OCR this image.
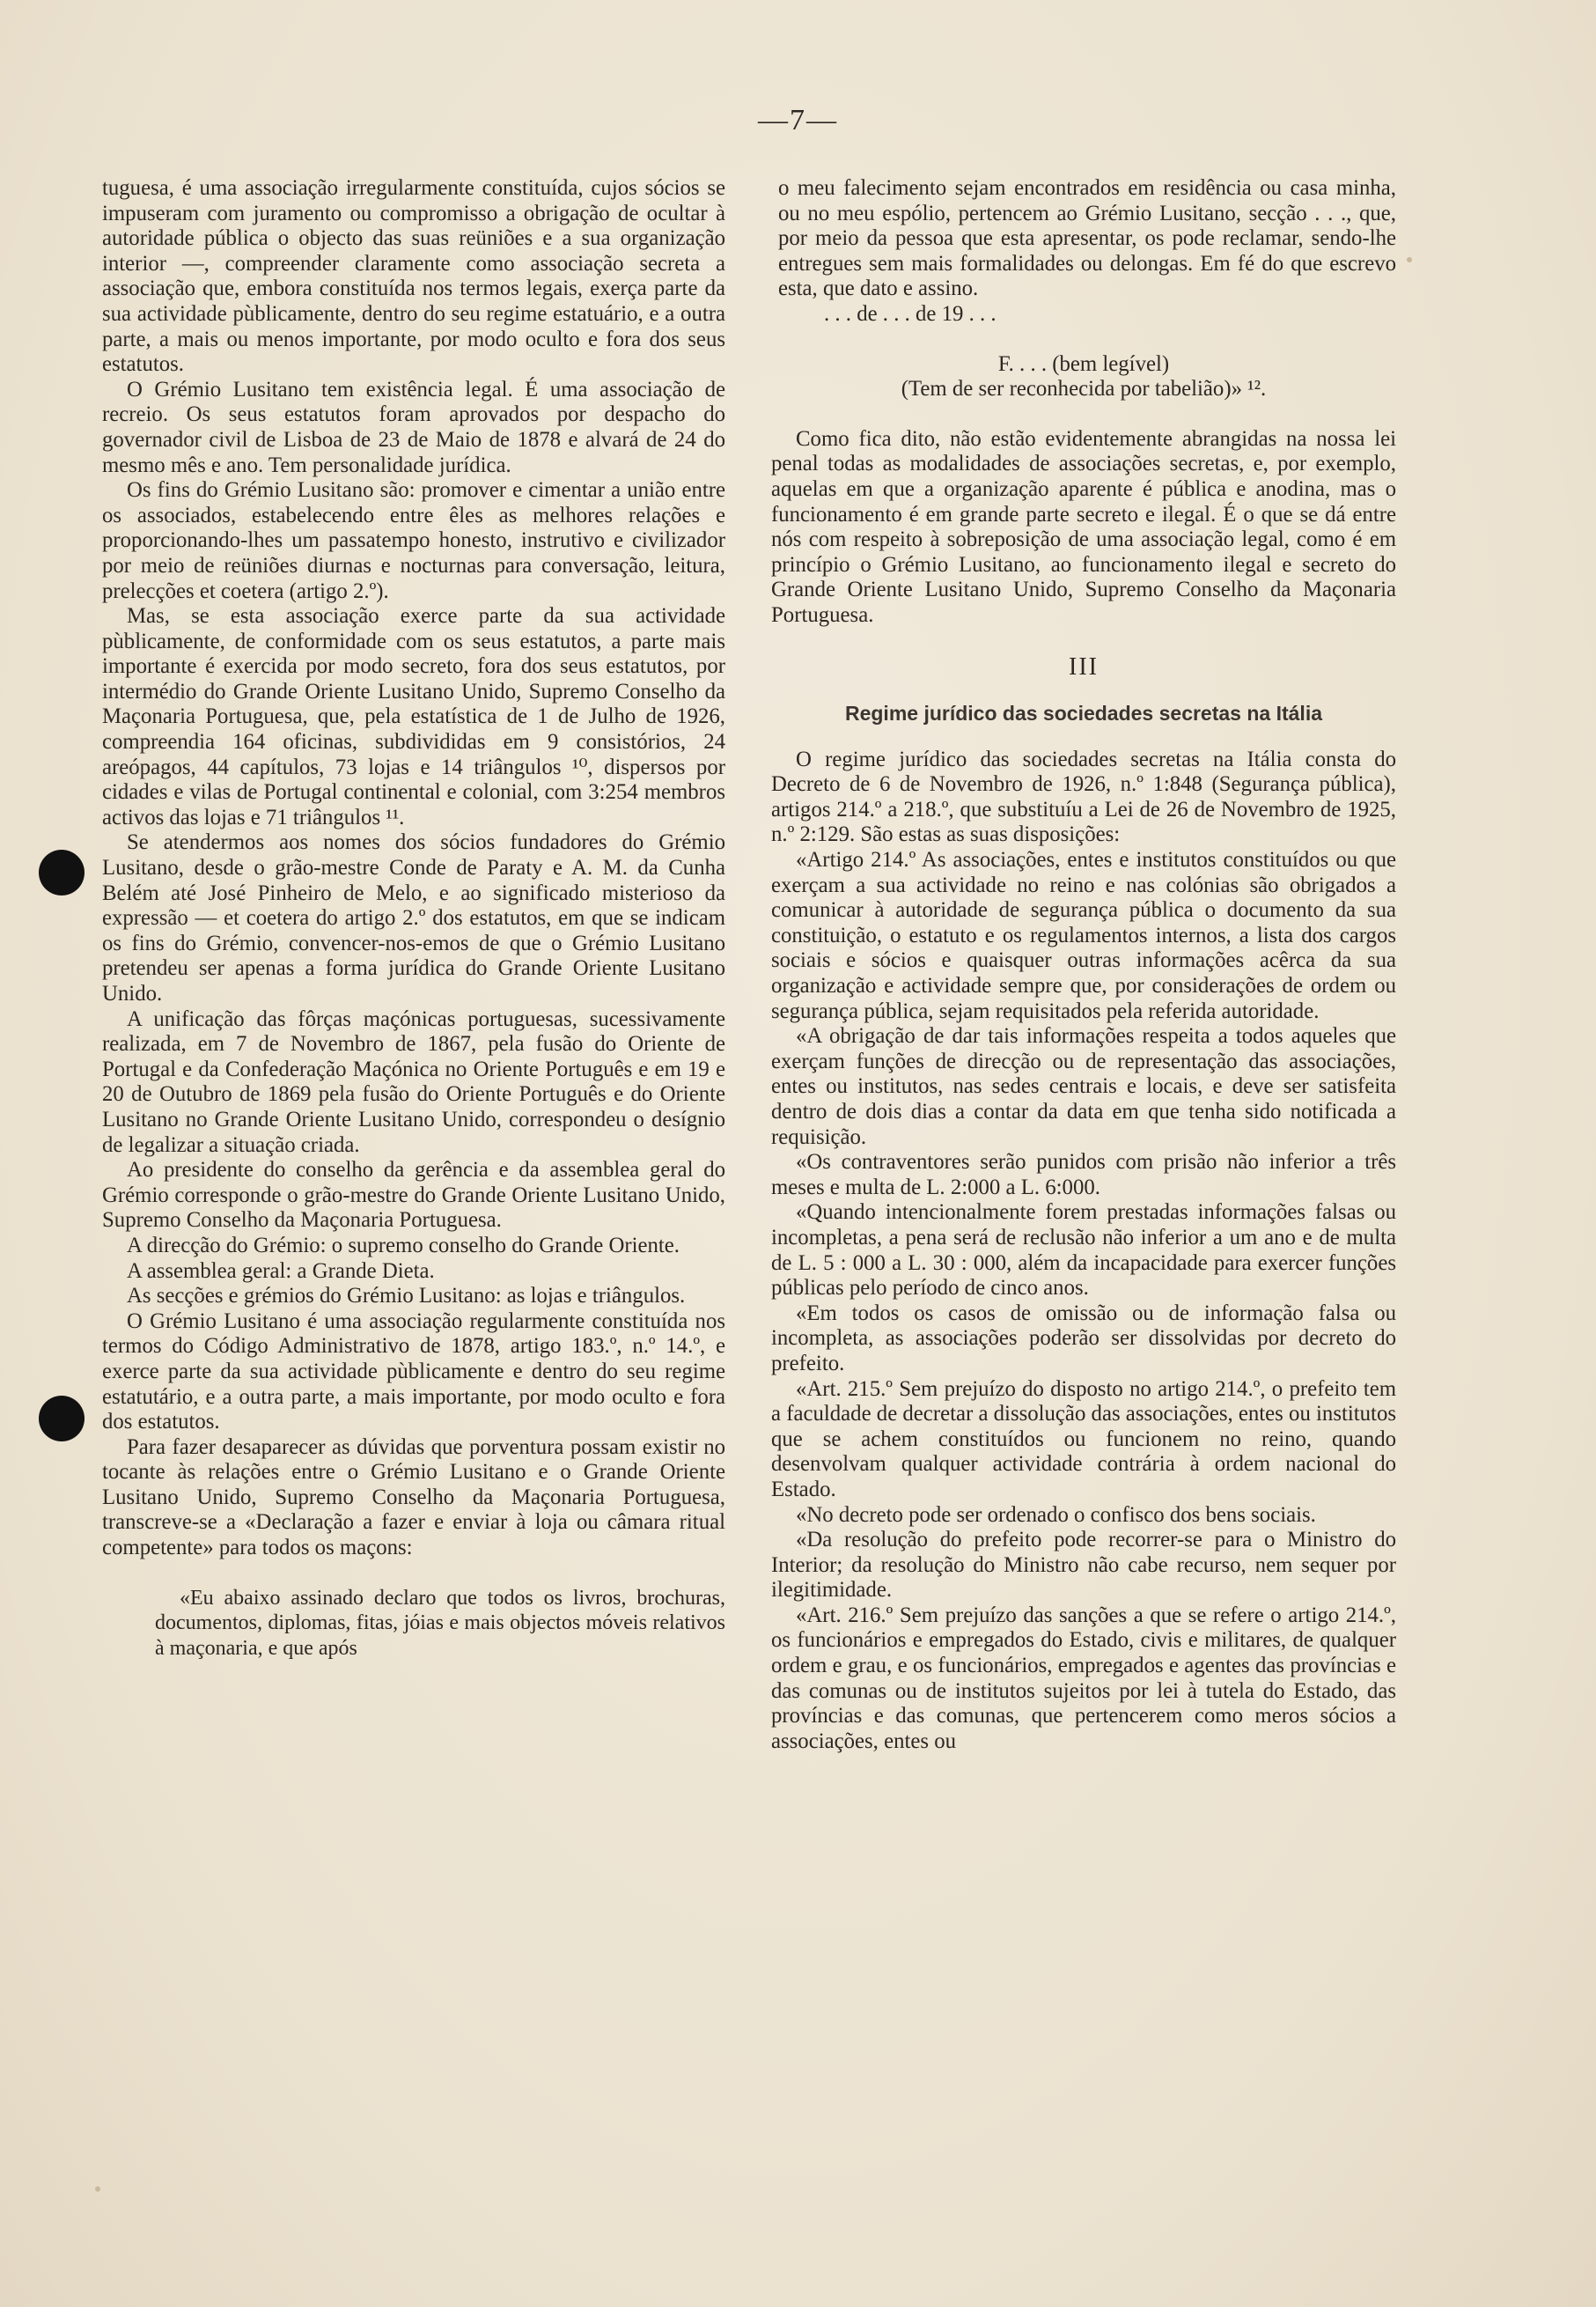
—7—

tuguesa, é uma associação irregularmente constituída, cujos sócios se impuseram com juramento ou compromisso a obrigação de ocultar à autoridade pública o objecto das suas reüniões e a sua organização interior —, compreender claramente como associação secreta a associação que, embora constituída nos termos legais, exerça parte da sua actividade pùblicamente, dentro do seu regime estatuário, e a outra parte, a mais ou menos importante, por modo oculto e fora dos seus estatutos.

O Grémio Lusitano tem existência legal. É uma associação de recreio. Os seus estatutos foram aprovados por despacho do governador civil de Lisboa de 23 de Maio de 1878 e alvará de 24 do mesmo mês e ano. Tem personalidade jurídica.

Os fins do Grémio Lusitano são: promover e cimentar a união entre os associados, estabelecendo entre êles as melhores relações e proporcionando-lhes um passatempo honesto, instrutivo e civilizador por meio de reüniões diurnas e nocturnas para conversação, leitura, prelecções et coetera (artigo 2.º).

Mas, se esta associação exerce parte da sua actividade pùblicamente, de conformidade com os seus estatutos, a parte mais importante é exercida por modo secreto, fora dos seus estatutos, por intermédio do Grande Oriente Lusitano Unido, Supremo Conselho da Maçonaria Portuguesa, que, pela estatística de 1 de Julho de 1926, compreendia 164 oficinas, subdivididas em 9 consistórios, 24 areópagos, 44 capítulos, 73 lojas e 14 triângulos ¹⁰, dispersos por cidades e vilas de Portugal continental e colonial, com 3:254 membros activos das lojas e 71 triângulos ¹¹.

Se atendermos aos nomes dos sócios fundadores do Grémio Lusitano, desde o grão-mestre Conde de Paraty e A. M. da Cunha Belém até José Pinheiro de Melo, e ao significado misterioso da expressão — et coetera do artigo 2.º dos estatutos, em que se indicam os fins do Grémio, convencer-nos-emos de que o Grémio Lusitano pretendeu ser apenas a forma jurídica do Grande Oriente Lusitano Unido.

A unificação das fôrças maçónicas portuguesas, sucessivamente realizada, em 7 de Novembro de 1867, pela fusão do Oriente de Portugal e da Confederação Maçónica no Oriente Português e em 19 e 20 de Outubro de 1869 pela fusão do Oriente Português e do Oriente Lusitano no Grande Oriente Lusitano Unido, correspondeu o desígnio de legalizar a situação criada.

Ao presidente do conselho da gerência e da assemblea geral do Grémio corresponde o grão-mestre do Grande Oriente Lusitano Unido, Supremo Conselho da Maçonaria Portuguesa.

A direcção do Grémio: o supremo conselho do Grande Oriente.

A assemblea geral: a Grande Dieta.

As secções e grémios do Grémio Lusitano: as lojas e triângulos.

O Grémio Lusitano é uma associação regularmente constituída nos termos do Código Administrativo de 1878, artigo 183.º, n.º 14.º, e exerce parte da sua actividade pùblicamente e dentro do seu regime estatutário, e a outra parte, a mais importante, por modo oculto e fora dos estatutos.

Para fazer desaparecer as dúvidas que porventura possam existir no tocante às relações entre o Grémio Lusitano e o Grande Oriente Lusitano Unido, Supremo Conselho da Maçonaria Portuguesa, transcreve-se a «Declaração a fazer e enviar à loja ou câmara ritual competente» para todos os maçons:

«Eu abaixo assinado declaro que todos os livros, brochuras, documentos, diplomas, fitas, jóias e mais objectos móveis relativos à maçonaria, e que após

o meu falecimento sejam encontrados em residência ou casa minha, ou no meu espólio, pertencem ao Grémio Lusitano, secção . . ., que, por meio da pessoa que esta apresentar, os pode reclamar, sendo-lhe entregues sem mais formalidades ou delongas. Em fé do que escrevo esta, que dato e assino.

. . . de . . . de 19 . . .

F. . . . (bem legível)

(Tem de ser reconhecida por tabelião)» ¹².

Como fica dito, não estão evidentemente abrangidas na nossa lei penal todas as modalidades de associações secretas, e, por exemplo, aquelas em que a organização aparente é pública e anodina, mas o funcionamento é em grande parte secreto e ilegal. É o que se dá entre nós com respeito à sobreposição de uma associação legal, como é em princípio o Grémio Lusitano, ao funcionamento ilegal e secreto do Grande Oriente Lusitano Unido, Supremo Conselho da Maçonaria Portuguesa.

III
Regime jurídico das sociedades secretas na Itália

O regime jurídico das sociedades secretas na Itália consta do Decreto de 6 de Novembro de 1926, n.º 1:848 (Segurança pública), artigos 214.º a 218.º, que substituíu a Lei de 26 de Novembro de 1925, n.º 2:129. São estas as suas disposições:

«Artigo 214.º As associações, entes e institutos constituídos ou que exerçam a sua actividade no reino e nas colónias são obrigados a comunicar à autoridade de segurança pública o documento da sua constituição, o estatuto e os regulamentos internos, a lista dos cargos sociais e sócios e quaisquer outras informações acêrca da sua organização e actividade sempre que, por considerações de ordem ou segurança pública, sejam requisitados pela referida autoridade.

«A obrigação de dar tais informações respeita a todos aqueles que exerçam funções de direcção ou de representação das associações, entes ou institutos, nas sedes centrais e locais, e deve ser satisfeita dentro de dois dias a contar da data em que tenha sido notificada a requisição.

«Os contraventores serão punidos com prisão não inferior a três meses e multa de L. 2:000 a L. 6:000.

«Quando intencionalmente forem prestadas informações falsas ou incompletas, a pena será de reclusão não inferior a um ano e de multa de L. 5 : 000 a L. 30 : 000, além da incapacidade para exercer funções públicas pelo período de cinco anos.

«Em todos os casos de omissão ou de informação falsa ou incompleta, as associações poderão ser dissolvidas por decreto do prefeito.

«Art. 215.º Sem prejuízo do disposto no artigo 214.º, o prefeito tem a faculdade de decretar a dissolução das associações, entes ou institutos que se achem constituídos ou funcionem no reino, quando desenvolvam qualquer actividade contrária à ordem nacional do Estado.

«No decreto pode ser ordenado o confisco dos bens sociais.

«Da resolução do prefeito pode recorrer-se para o Ministro do Interior; da resolução do Ministro não cabe recurso, nem sequer por ilegitimidade.

«Art. 216.º Sem prejuízo das sanções a que se refere o artigo 214.º, os funcionários e empregados do Estado, civis e militares, de qualquer ordem e grau, e os funcionários, empregados e agentes das províncias e das comunas ou de institutos sujeitos por lei à tutela do Estado, das províncias e das comunas, que pertencerem como meros sócios a associações, entes ou
